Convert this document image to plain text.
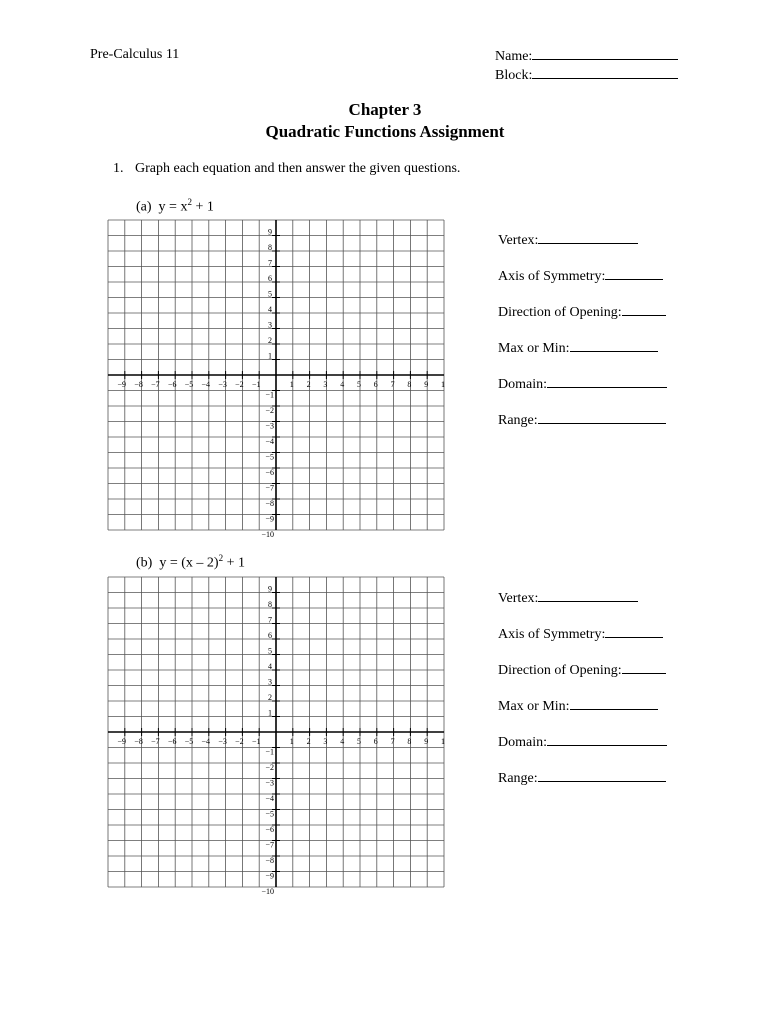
Pre-Calculus 11	Name:
Block:
Chapter 3
Quadratic Functions Assignment
1. Graph each equation and then answer the given questions.
(a) $y = x^2 + 1$
−9 −8 −7 −6 −5 −4 −3 −2 −1	1 2 3 4 5 6 7 8 9 1
1
2
3
4
5
6
7
8
9
−1
−2
−3
−4
−5
−6
−7
−8
−9
−10
Vertex:
Axis of Symmetry:
Direction of Opening:
Max or Min:
Domain:
Range:
(b) y = (x – 2)$^2$ + 1
−9 −8 −7 −6 −5 −4 −3 −2 −1	1 2 3 4 5 6 7 8 9 1
1
2
3
4
5
6
7
8
9
−1
−2
−3
−4
−5
−6
−7
−8
−9
−10
Vertex:
Axis of Symmetry:
Direction of Opening:
Max or Min:
Domain:
Range:
